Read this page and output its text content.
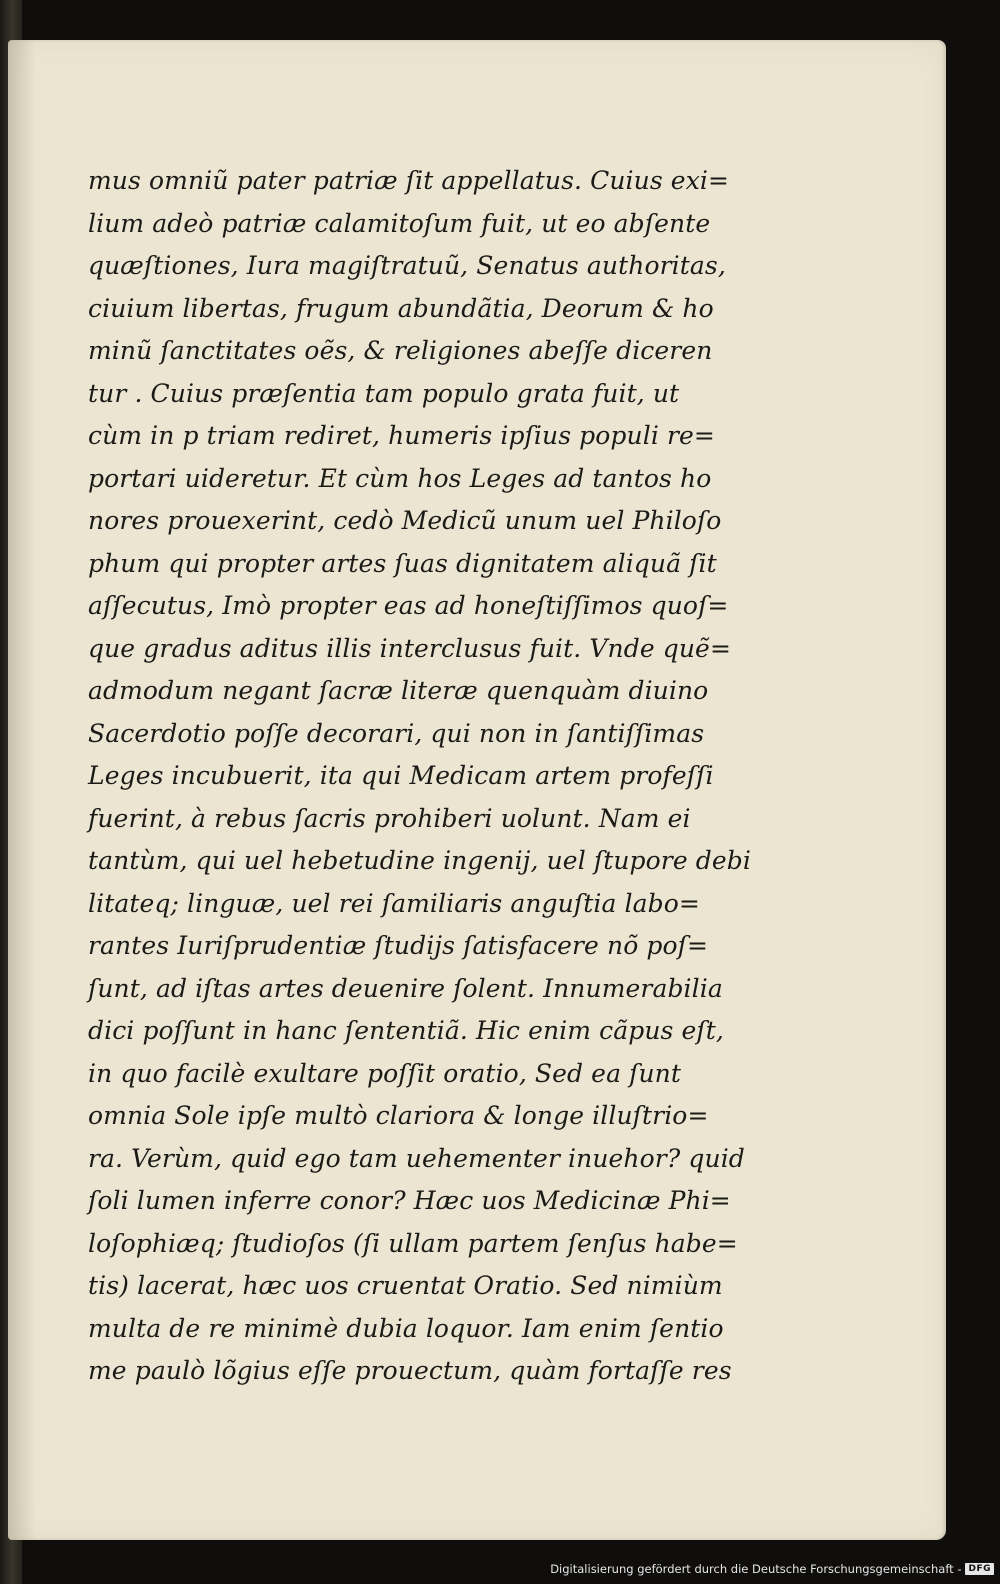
mus omniũ pater patriæ ſit appellatus. Cuius exi=
lium adeò patriæ calamitoſum fuit, ut eo abſente
quæſtiones, Iura magiſtratuũ, Senatus authoritas,
ciuium libertas, frugum abundãtia, Deorum & ho
minũ ſanctitates oẽs, & religiones abeſſe diceren
tur . Cuius præſentia tam populo grata fuit, ut
cùm in p triam rediret, humeris ipſius populi re=
portari uideretur. Et cùm hos Leges ad tantos ho
nores prouexerint, cedò Medicũ unum uel Philoſo
phum qui propter artes ſuas dignitatem aliquã ſit
aſſecutus, Imò propter eas ad honeſtiſſimos quoſ=
que gradus aditus illis interclusus fuit. Vnde quẽ=
admodum negant ſacræ literæ quenquàm diuino
Sacerdotio poſſe decorari, qui non in ſantiſſimas
Leges incubuerit, ita qui Medicam artem profeſſi
fuerint, à rebus ſacris prohiberi uolunt. Nam ei
tantùm, qui uel hebetudine ingenij, uel ſtupore debi
litateq; linguæ, uel rei ſamiliaris anguſtia labo=
rantes Iuriſprudentiæ ſtudijs ſatisfacere nõ poſ=
ſunt, ad iſtas artes deuenire ſolent. Innumerabilia
dici poſſunt in hanc ſententiã. Hic enim cãpus eſt,
in quo facilè exultare poſſit oratio, Sed ea ſunt
omnia Sole ipſe multò clariora & longe illuſtrio=
ra. Verùm, quid ego tam uehementer inuehor? quid
ſoli lumen inferre conor? Hæc uos Medicinæ Phi=
loſophiæq; ſtudioſos (ſi ullam partem ſenſus habe=
tis) lacerat, hæc uos cruentat Oratio. Sed nimiùm
multa de re minimè dubia loquor. Iam enim ſentio
me paulò lõgius eſſe prouectum, quàm fortaſſe res
Digitalisierung gefördert durch die Deutsche Forschungsgemeinschaft - DFG
